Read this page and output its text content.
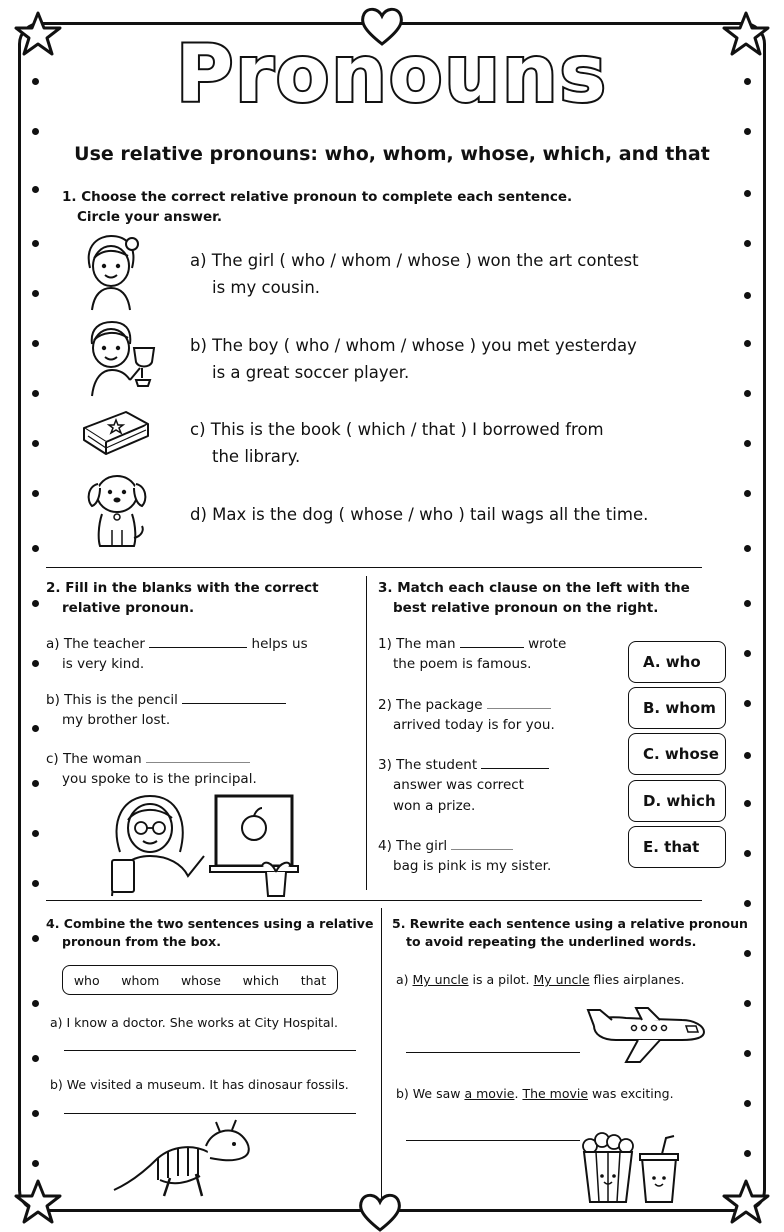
Pronouns
Use relative pronouns: who, whom, whose, which, and that
1. Choose the correct relative pronoun to complete each sentence.
Circle your answer.
a) The girl ( who / whom / whose ) won the art contest
is my cousin.
b) The boy ( who / whom / whose ) you met yesterday
is a great soccer player.
c) This is the book ( which / that ) I borrowed from
the library.
d) Max is the dog ( whose / who ) tail wags all the time.
2. Fill in the blanks with the correct
relative pronoun.
a) The teacher	helps us
is very kind.
b) This is the pencil
my brother lost.
c) The woman
you spoke to is the principal.
3. Match each clause on the left with the
best relative pronoun on the right.
1) The man	wrote
the poem is famous.
2) The package
arrived today is for you.
3) The student
answer was correct
won a prize.
4) The girl
bag is pink is my sister.
A. who
B. whom
C. whose
D. which
E. that
4. Combine the two sentences using a relative
pronoun from the box.
who whom whose which that
a) I know a doctor. She works at City Hospital.
b) We visited a museum. It has dinosaur fossils.
5. Rewrite each sentence using a relative pronoun
to avoid repeating the underlined words.
a) My uncle is a pilot. My uncle flies airplanes.
b) We saw a movie. The movie was exciting.
